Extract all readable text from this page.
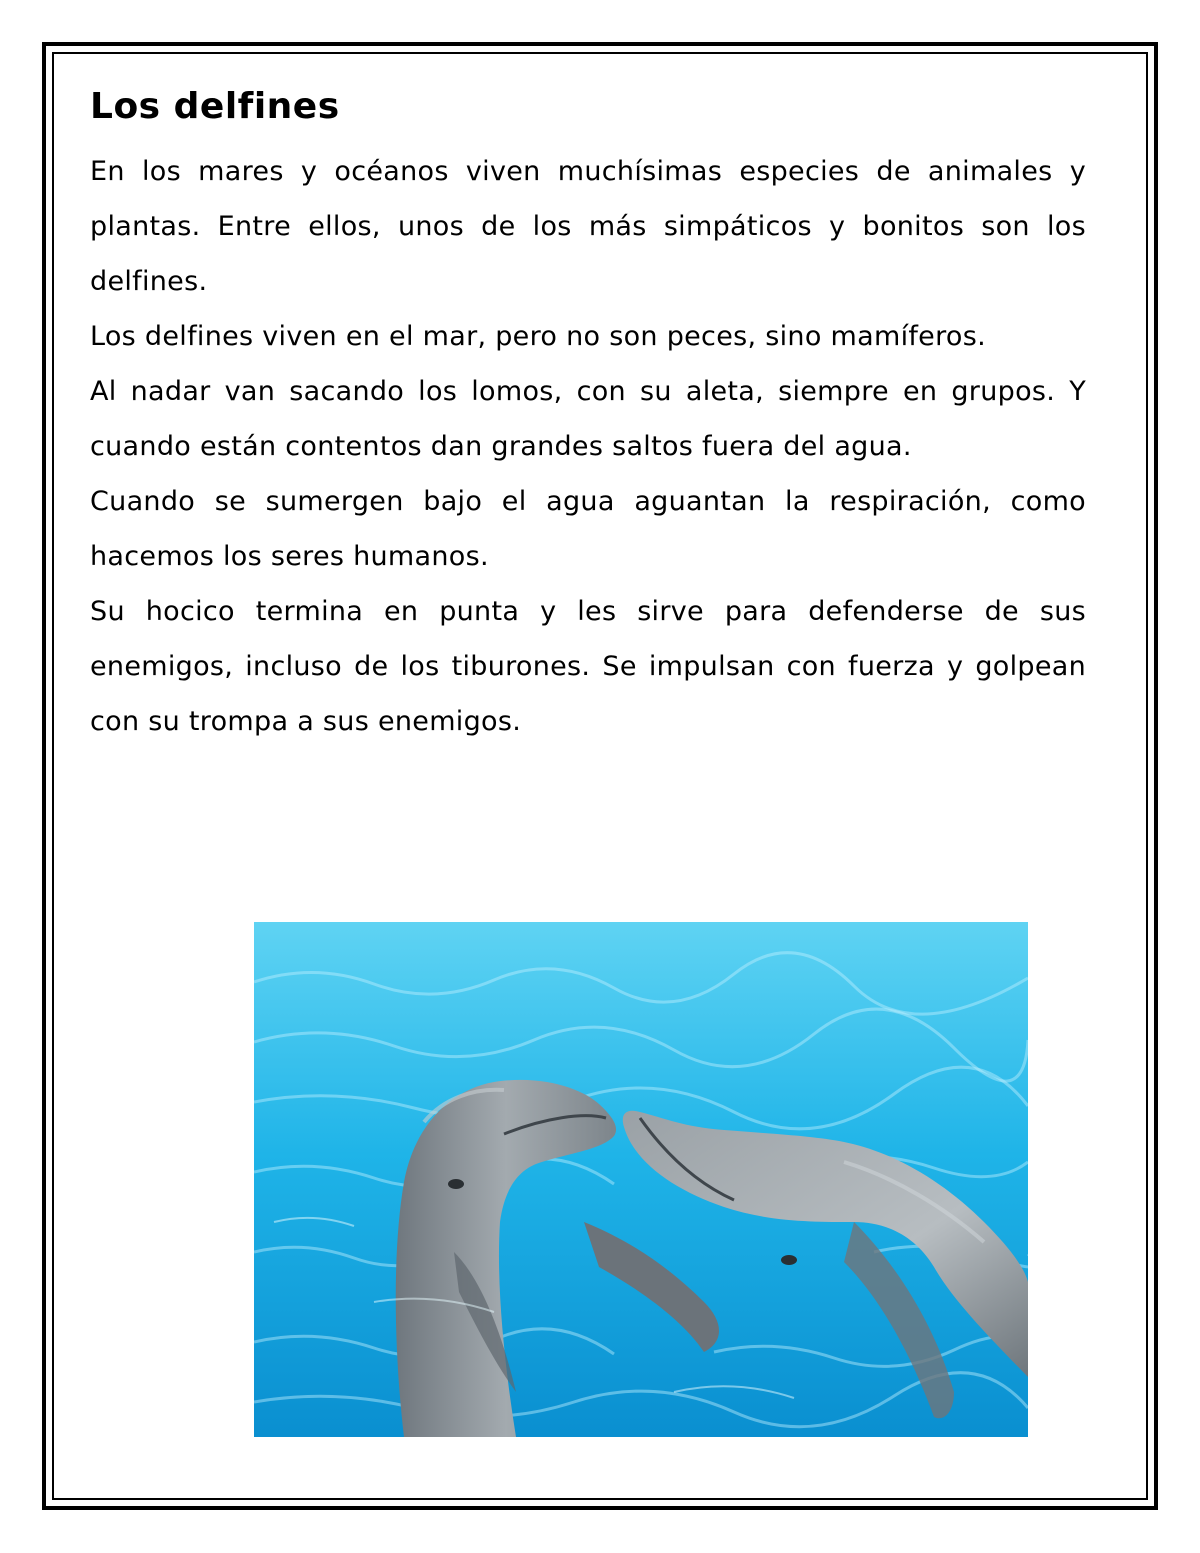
Los delfines

En los mares y océanos viven muchísimas especies de animales y plantas. Entre ellos, unos de los más simpáticos y bonitos son los delfines.

Los delfines viven en el mar, pero no son peces, sino mamíferos.

Al nadar van sacando los lomos, con su aleta, siempre en grupos. Y cuando están contentos dan grandes saltos fuera del agua.

Cuando se sumergen bajo el agua aguantan la respiración, como hacemos los seres humanos.

Su hocico termina en punta y les sirve para defenderse de sus enemigos, incluso de los tiburones. Se impulsan con fuerza y golpean con su trompa a sus enemigos.
